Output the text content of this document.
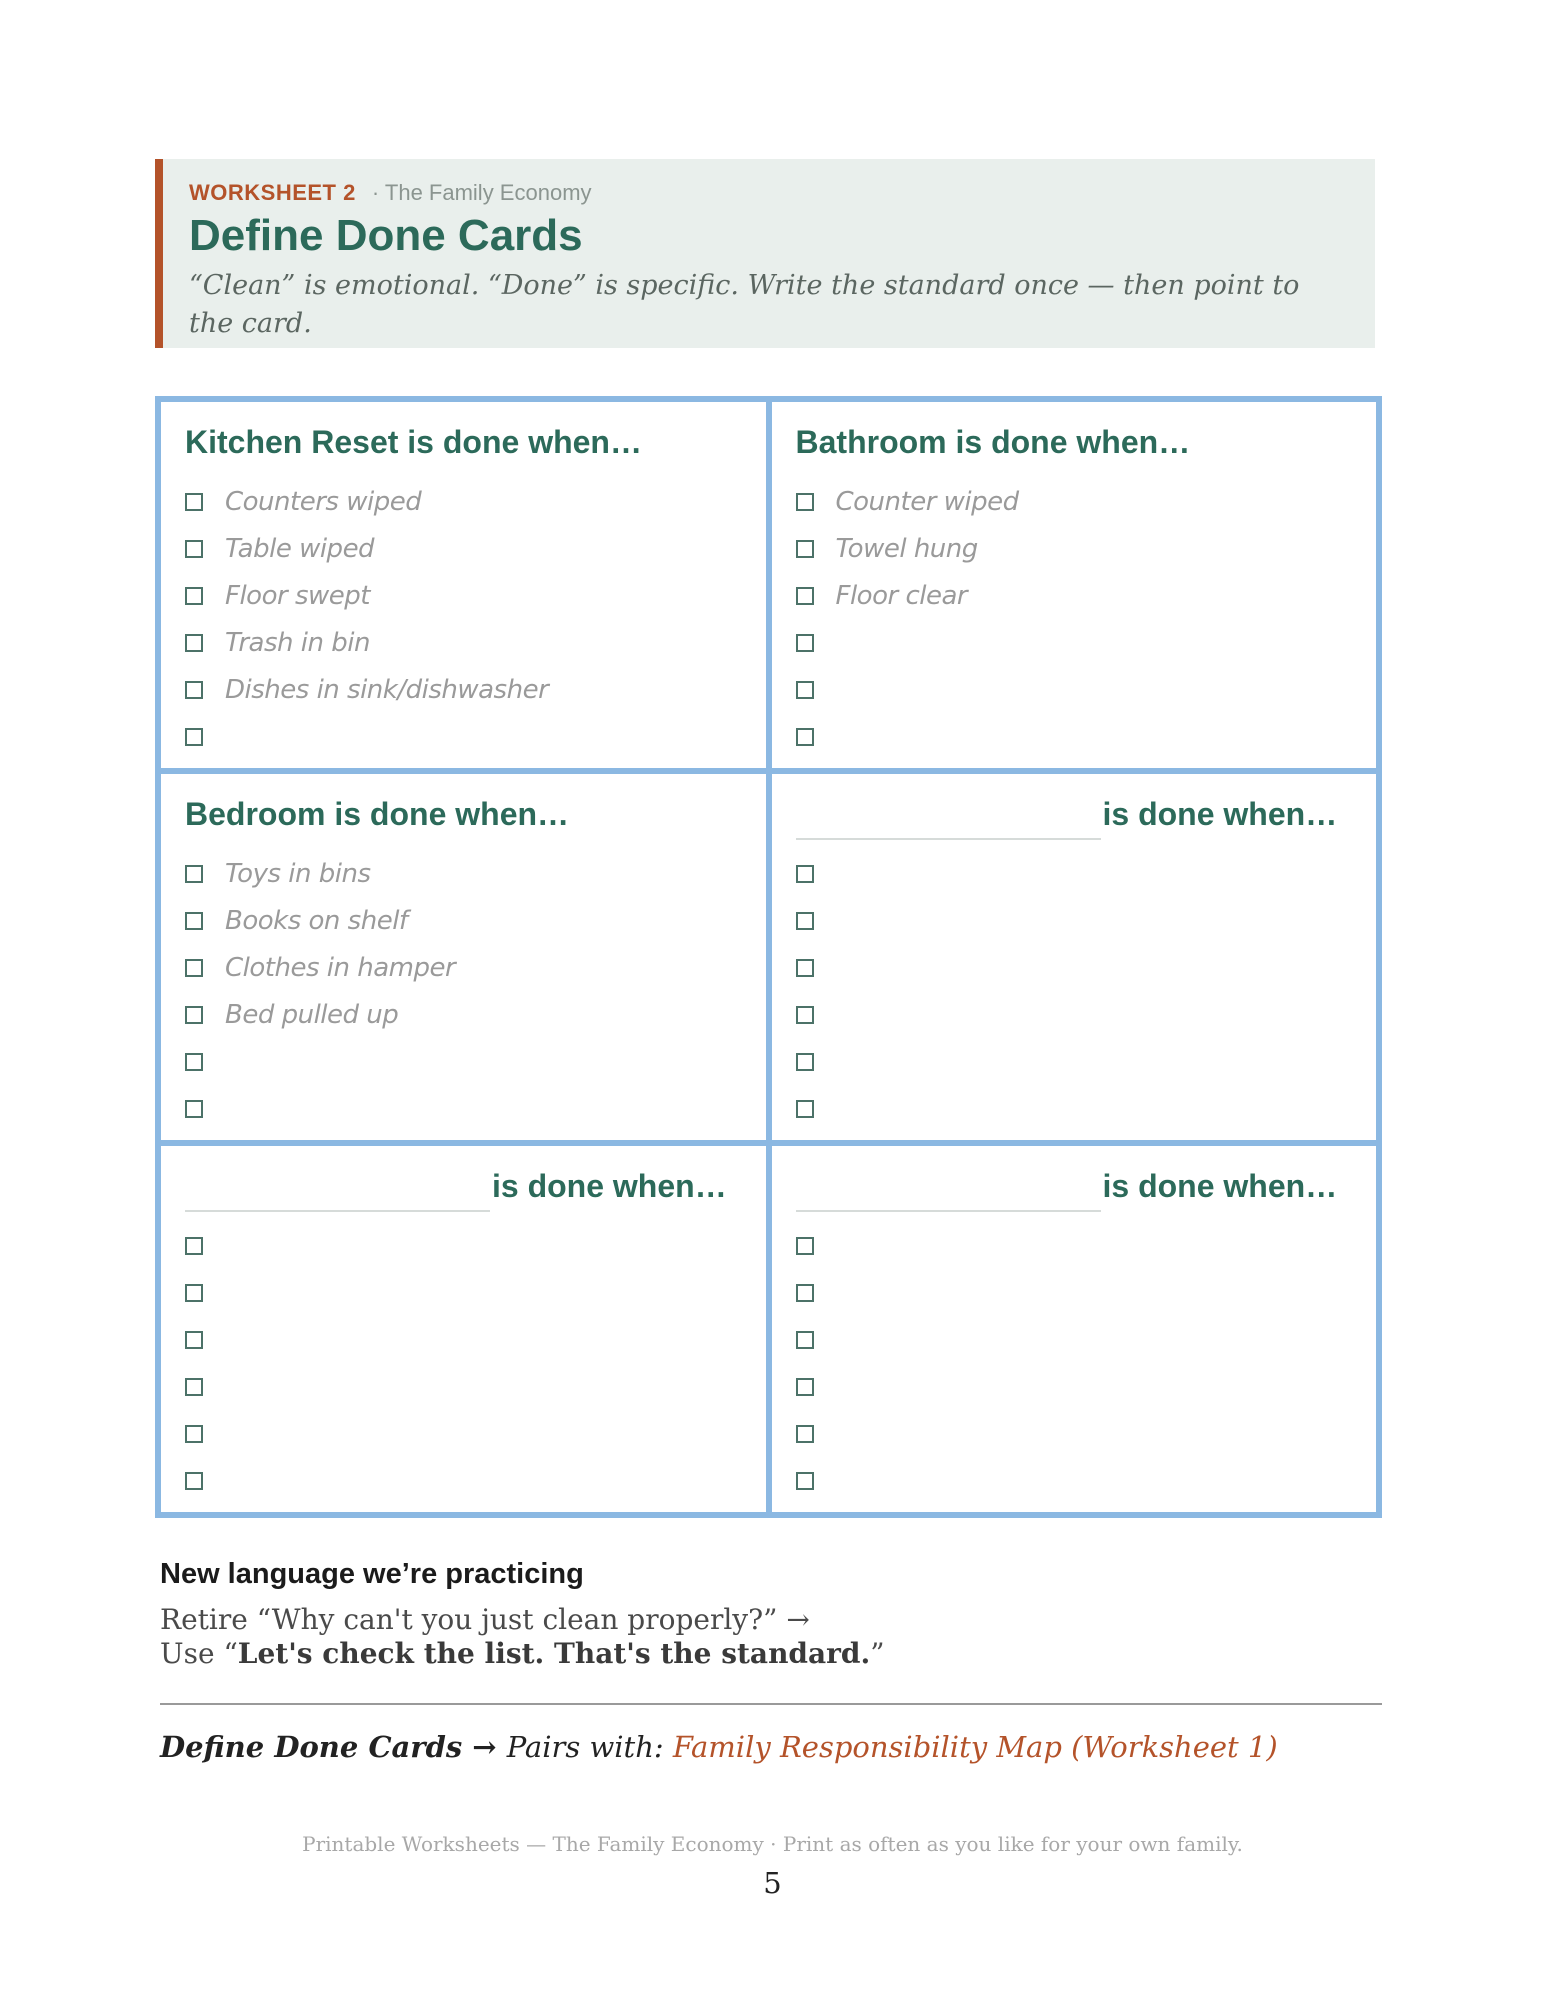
WORKSHEET 2 · The Family Economy
Define Done Cards
“Clean” is emotional. “Done” is specific. Write the standard once — then point to the card.
Kitchen Reset is done when…
Counters wiped
Table wiped
Floor swept
Trash in bin
Dishes in sink/dishwasher
Bathroom is done when…
Counter wiped
Towel hung
Floor clear
Bedroom is done when…
Toys in bins
Books on shelf
Clothes in hamper
Bed pulled up
is done when…
is done when…	is done when…
New language we’re practicing
Retire “Why can't you just clean properly?” →
Use “Let's check the list. That's the standard.”
Define Done Cards → Pairs with: Family Responsibility Map (Worksheet 1)
Printable Worksheets — The Family Economy · Print as often as you like for your own family.
5
